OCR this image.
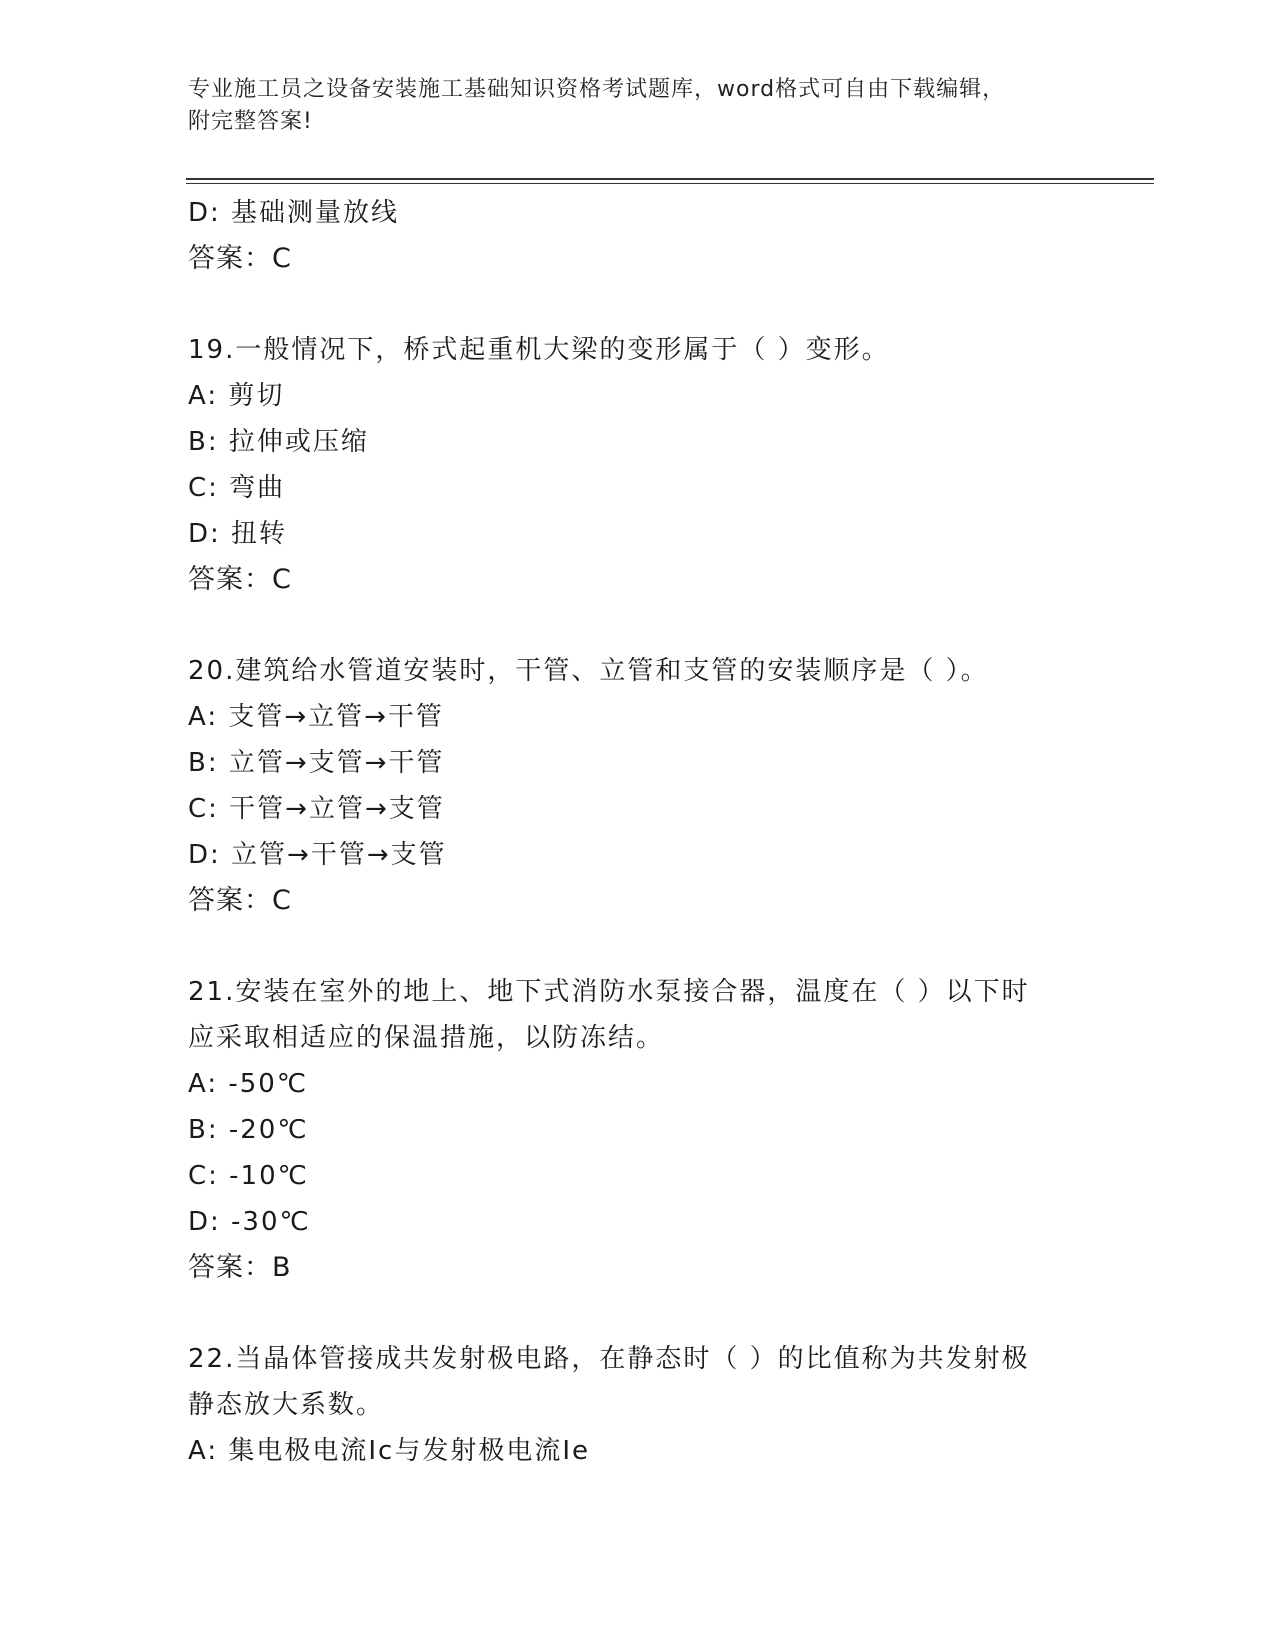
专业施工员之设备安装施工基础知识资格考试题库，word格式可自由下载编辑，
附完整答案!
D: 基础测量放线
答案：C
19.一般情况下，桥式起重机大梁的变形属于（ ）变形。
A: 剪切
B: 拉伸或压缩
C: 弯曲
D: 扭转
答案：C
20.建筑给水管道安装时，干管、立管和支管的安装顺序是（ ）。
A: 支管→立管→干管
B: 立管→支管→干管
C: 干管→立管→支管
D: 立管→干管→支管
答案：C
21.安装在室外的地上、地下式消防水泵接合器，温度在（ ）以下时
应采取相适应的保温措施，以防冻结。
A: -50℃
B: -20℃
C: -10℃
D: -30℃
答案：B
22.当晶体管接成共发射极电路，在静态时（ ）的比值称为共发射极
静态放大系数。
A: 集电极电流Ic与发射极电流Ie
